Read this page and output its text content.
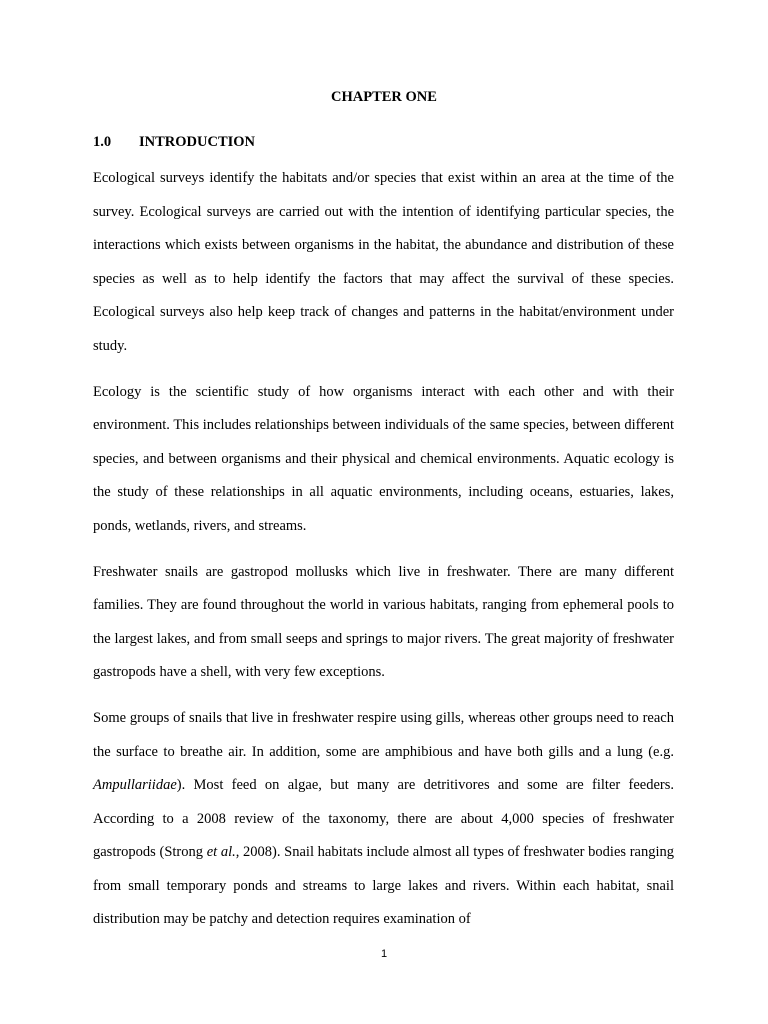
CHAPTER ONE
1.0 INTRODUCTION

Ecological surveys identify the habitats and/or species that exist within an area at the time of the survey. Ecological surveys are carried out with the intention of identifying particular species, the interactions which exists between organisms in the habitat, the abundance and distribution of these species as well as to help identify the factors that may affect the survival of these species. Ecological surveys also help keep track of changes and patterns in the habitat/environment under study.

Ecology is the scientific study of how organisms interact with each other and with their environment. This includes relationships between individuals of the same species, between different species, and between organisms and their physical and chemical environments. Aquatic ecology is the study of these relationships in all aquatic environments, including oceans, estuaries, lakes, ponds, wetlands, rivers, and streams.

Freshwater snails are gastropod mollusks which live in freshwater. There are many different families. They are found throughout the world in various habitats, ranging from ephemeral pools to the largest lakes, and from small seeps and springs to major rivers. The great majority of freshwater gastropods have a shell, with very few exceptions.

Some groups of snails that live in freshwater respire using gills, whereas other groups need to reach the surface to breathe air. In addition, some are amphibious and have both gills and a lung (e.g. Ampullariidae). Most feed on algae, but many are detritivores and some are filter feeders. According to a 2008 review of the taxonomy, there are about 4,000 species of freshwater gastropods (Strong et al., 2008). Snail habitats include almost all types of freshwater bodies ranging from small temporary ponds and streams to large lakes and rivers. Within each habitat, snail distribution may be patchy and detection requires examination of

1
